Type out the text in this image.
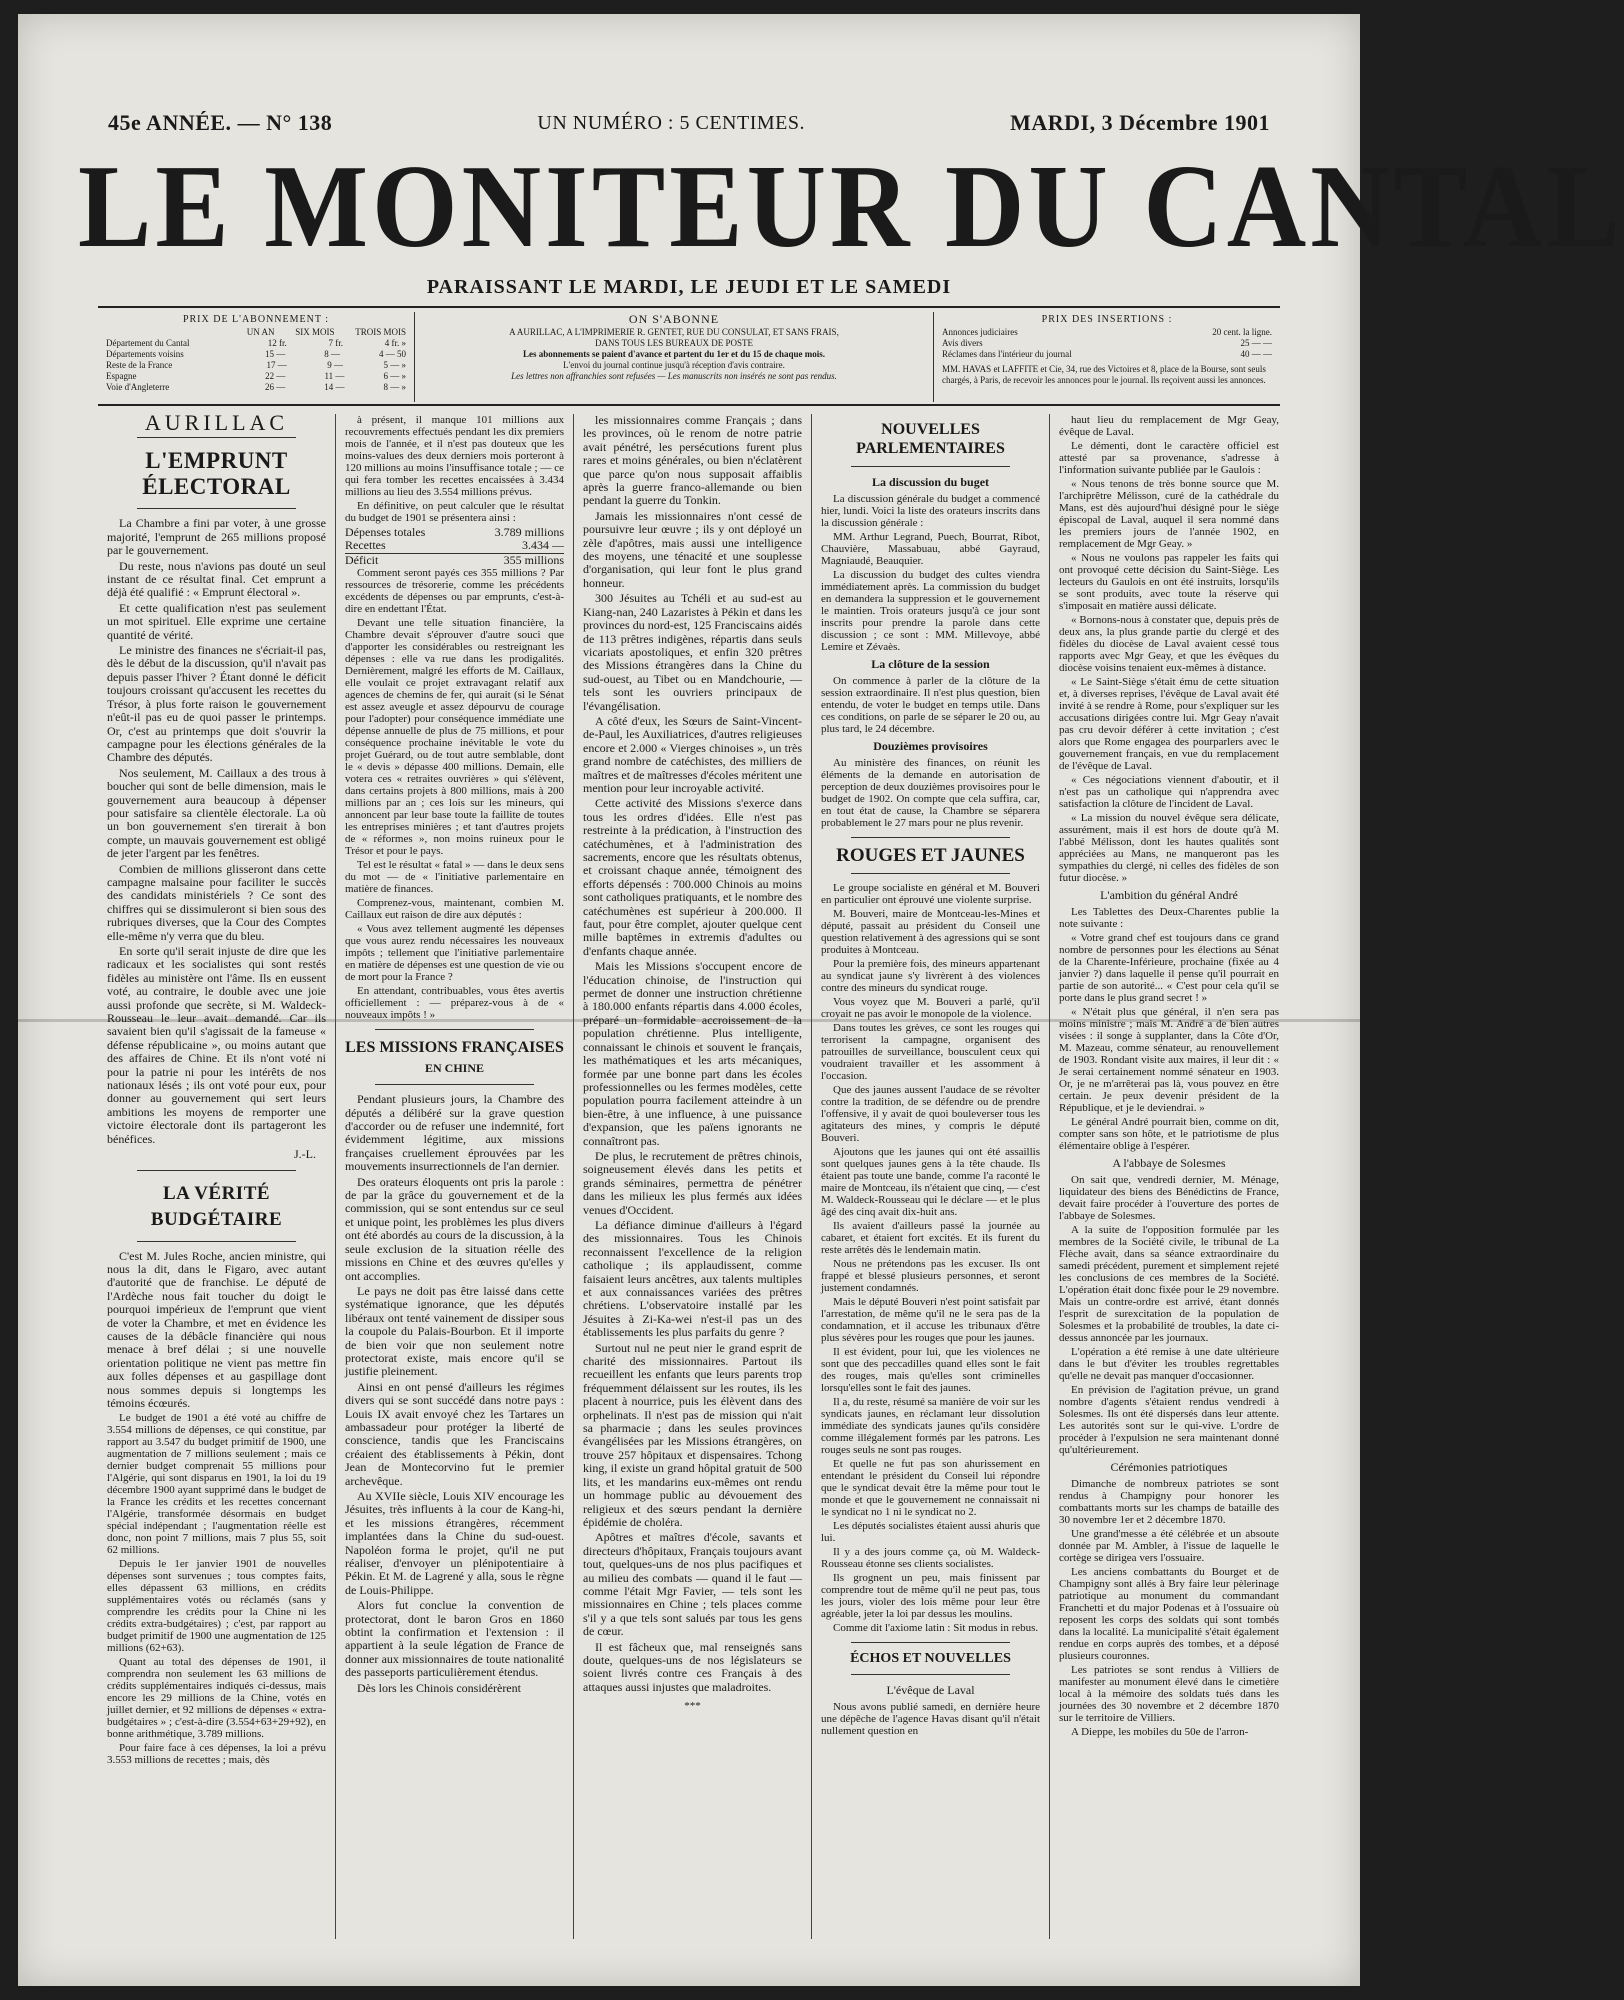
45e ANNÉE. — N° 138	UN NUMÉRO : 5 CENTIMES.	MARDI, 3 Décembre 1901
LE MONITEUR DU CANTAL
PARAISSANT LE MARDI, LE JEUDI ET LE SAMEDI
PRIX DE L'ABONNEMENT :
UN AN SIX MOIS TROIS MOIS
Département du Cantal	12 fr.	7 fr.	4 fr. »
Départements voisins	15 —	8 —	4 — 50
Reste de la France	17 —	9 —	5 — »
Espagne	22 —	11 —	6 — »
Voie d'Angleterre	26 —	14 —	8 — »
ON S'ABONNE
A AURILLAC, A L'IMPRIMERIE R. GENTET, RUE DU CONSULAT, ET SANS FRAIS,
DANS TOUS LES BUREAUX DE POSTE
Les abonnements se paient d'avance et partent du 1er et du 15 de chaque mois.
L'envoi du journal continue jusqu'à réception d'avis contraire.
Les lettres non affranchies sont refusées — Les manuscrits non insérés ne sont pas rendus.
PRIX DES INSERTIONS :
Annonces judiciaires	20 cent. la ligne.
Avis divers	25 — —
Réclames dans l'intérieur du journal	40 — —
MM. HAVAS et LAFFITE et Cie, 34, rue des Victoires et 8, place de la Bourse, sont seuls chargés, à Paris, de recevoir les annonces pour le journal. Ils reçoivent aussi les annonces.
AURILLAC
L'EMPRUNT ÉLECTORAL

La Chambre a fini par voter, à une grosse majorité, l'emprunt de 265 millions proposé par le gouvernement.

Du reste, nous n'avions pas douté un seul instant de ce résultat final. Cet emprunt a déjà été qualifié : « Emprunt électoral ».

Et cette qualification n'est pas seulement un mot spirituel. Elle exprime une certaine quantité de vérité.

Le ministre des finances ne s'écriait-il pas, dès le début de la discussion, qu'il n'avait pas depuis passer l'hiver ? Étant donné le déficit toujours croissant qu'accusent les recettes du Trésor, à plus forte raison le gouvernement n'eût-il pas eu de quoi passer le printemps. Or, c'est au printemps que doit s'ouvrir la campagne pour les élections générales de la Chambre des députés.

Nos seulement, M. Caillaux a des trous à boucher qui sont de belle dimension, mais le gouvernement aura beaucoup à dépenser pour satisfaire sa clientèle électorale. La où un bon gouvernement s'en tirerait à bon compte, un mauvais gouvernement est obligé de jeter l'argent par les fenêtres.

Combien de millions glisseront dans cette campagne malsaine pour faciliter le succès des candidats ministériels ? Ce sont des chiffres qui se dissimuleront si bien sous des rubriques diverses, que la Cour des Comptes elle-même n'y verra que du bleu.

En sorte qu'il serait injuste de dire que les radicaux et les socialistes qui sont restés fidèles au ministère ont l'âme. Ils en eussent voté, au contraire, le double avec une joie aussi profonde que secrète, si M. Waldeck-Rousseau le leur avait demandé. Car ils savaient bien qu'il s'agissait de la fameuse « défense républicaine », ou moins autant que des affaires de Chine. Et ils n'ont voté ni pour la patrie ni pour les intérêts de nos nationaux lésés ; ils ont voté pour eux, pour donner au gouvernement qui sert leurs ambitions les moyens de remporter une victoire électorale dont ils partageront les bénéfices.

J.-L.
LA VÉRITÉ BUDGÉTAIRE

C'est M. Jules Roche, ancien ministre, qui nous la dit, dans le Figaro, avec autant d'autorité que de franchise. Le député de l'Ardèche nous fait toucher du doigt le pourquoi impérieux de l'emprunt que vient de voter la Chambre, et met en évidence les causes de la débâcle financière qui nous menace à bref délai ; si une nouvelle orientation politique ne vient pas mettre fin aux folles dépenses et au gaspillage dont nous sommes depuis si longtemps les témoins écœurés.

Le budget de 1901 a été voté au chiffre de 3.554 millions de dépenses, ce qui constitue, par rapport au 3.547 du budget primitif de 1900, une augmentation de 7 millions seulement ; mais ce dernier budget comprenait 55 millions pour l'Algérie, qui sont disparus en 1901, la loi du 19 décembre 1900 ayant supprimé dans le budget de la France les crédits et les recettes concernant l'Algérie, transformée désormais en budget spécial indépendant ; l'augmentation réelle est donc, non point 7 millions, mais 7 plus 55, soit 62 millions.

Depuis le 1er janvier 1901 de nouvelles dépenses sont survenues ; tous comptes faits, elles dépassent 63 millions, en crédits supplémentaires votés ou réclamés (sans y comprendre les crédits pour la Chine ni les crédits extra-budgétaires) ; c'est, par rapport au budget primitif de 1900 une augmentation de 125 millions (62+63).

Quant au total des dépenses de 1901, il comprendra non seulement les 63 millions de crédits supplémentaires indiqués ci-dessus, mais encore les 29 millions de la Chine, votés en juillet dernier, et 92 millions de dépenses « extra-budgétaires » ; c'est-à-dire (3.554+63+29+92), en bonne arithmétique, 3.789 millions.

Pour faire face à ces dépenses, la loi a prévu 3.553 millions de recettes ; mais, dès

à présent, il manque 101 millions aux recouvrements effectués pendant les dix premiers mois de l'année, et il n'est pas douteux que les moins-values des deux derniers mois porteront à 120 millions au moins l'insuffisance totale ; — ce qui fera tomber les recettes encaissées à 3.434 millions au lieu des 3.554 millions prévus.

En définitive, on peut calculer que le résultat du budget de 1901 se présentera ainsi :

Dépenses totales	3.789 millions
Recettes	3.434 —
Déficit	355 millions

Comment seront payés ces 355 millions ? Par ressources de trésorerie, comme les précédents excédents de dépenses ou par emprunts, c'est-à-dire en endettant l'État.

Devant une telle situation financière, la Chambre devait s'éprouver d'autre souci que d'apporter les considérables ou restreignant les dépenses : elle va rue dans les prodigalités. Dernièrement, malgré les efforts de M. Caillaux, elle voulait ce projet extravagant relatif aux agences de chemins de fer, qui aurait (si le Sénat est assez aveugle et assez dépourvu de courage pour l'adopter) pour conséquence immédiate une dépense annuelle de plus de 75 millions, et pour conséquence prochaine inévitable le vote du projet Guérard, ou de tout autre semblable, dont le « devis » dépasse 400 millions. Demain, elle votera ces « retraites ouvrières » qui s'élèvent, dans certains projets à 800 millions, mais à 200 millions par an ; ces lois sur les mineurs, qui annoncent par leur base toute la faillite de toutes les entreprises minières ; et tant d'autres projets de « réformes », non moins ruineux pour le Trésor et pour le pays.

Tel est le résultat « fatal » — dans le deux sens du mot — de « l'initiative parlementaire en matière de finances.

Comprenez-vous, maintenant, combien M. Caillaux eut raison de dire aux députés :

« Vous avez tellement augmenté les dépenses que vous aurez rendu nécessaires les nouveaux impôts ; tellement que l'initiative parlementaire en matière de dépenses est une question de vie ou de mort pour la France ?

En attendant, contribuables, vous êtes avertis officiellement : — préparez-vous à de « nouveaux impôts ! »

LES MISSIONS FRANÇAISES
EN CHINE

Pendant plusieurs jours, la Chambre des députés a délibéré sur la grave question d'accorder ou de refuser une indemnité, fort évidemment légitime, aux missions françaises cruellement éprouvées par les mouvements insurrectionnels de l'an dernier.

Des orateurs éloquents ont pris la parole : de par la grâce du gouvernement et de la commission, qui se sont entendus sur ce seul et unique point, les problèmes les plus divers ont été abordés au cours de la discussion, à la seule exclusion de la situation réelle des missions en Chine et des œuvres qu'elles y ont accomplies.

Le pays ne doit pas être laissé dans cette systématique ignorance, que les députés libéraux ont tenté vainement de dissiper sous la coupole du Palais-Bourbon. Et il importe de bien voir que non seulement notre protectorat existe, mais encore qu'il se justifie pleinement.

Ainsi en ont pensé d'ailleurs les régimes divers qui se sont succédé dans notre pays : Louis IX avait envoyé chez les Tartares un ambassadeur pour protéger la liberté de conscience, tandis que les Franciscains créaient des établissements à Pékin, dont Jean de Montecorvino fut le premier archevêque.

Au XVIIe siècle, Louis XIV encourage les Jésuites, très influents à la cour de Kang-hi, et les missions étrangères, récemment implantées dans la Chine du sud-ouest. Napoléon forma le projet, qu'il ne put réaliser, d'envoyer un plénipotentiaire à Pékin. Et M. de Lagrené y alla, sous le règne de Louis-Philippe.

Alors fut conclue la convention de protectorat, dont le baron Gros en 1860 obtint la confirmation et l'extension : il appartient à la seule légation de France de donner aux missionnaires de toute nationalité des passeports particulièrement étendus.

Dès lors les Chinois considérèrent

les missionnaires comme Français ; dans les provinces, où le renom de notre patrie avait pénétré, les persécutions furent plus rares et moins générales, ou bien n'éclatèrent que parce qu'on nous supposait affaiblis après la guerre franco-allemande ou bien pendant la guerre du Tonkin.

Jamais les missionnaires n'ont cessé de poursuivre leur œuvre ; ils y ont déployé un zèle d'apôtres, mais aussi une intelligence des moyens, une ténacité et une souplesse d'organisation, qui leur font le plus grand honneur.

300 Jésuites au Tchéli et au sud-est au Kiang-nan, 240 Lazaristes à Pékin et dans les provinces du nord-est, 125 Franciscains aidés de 113 prêtres indigènes, répartis dans seuls vicariats apostoliques, et enfin 320 prêtres des Missions étrangères dans la Chine du sud-ouest, au Tibet ou en Mandchourie, — tels sont les ouvriers principaux de l'évangélisation.

A côté d'eux, les Sœurs de Saint-Vincent-de-Paul, les Auxiliatrices, d'autres religieuses encore et 2.000 « Vierges chinoises », un très grand nombre de catéchistes, des milliers de maîtres et de maîtresses d'écoles méritent une mention pour leur incroyable activité.

Cette activité des Missions s'exerce dans tous les ordres d'idées. Elle n'est pas restreinte à la prédication, à l'instruction des catéchumènes, et à l'administration des sacrements, encore que les résultats obtenus, et croissant chaque année, témoignent des efforts dépensés : 700.000 Chinois au moins sont catholiques pratiquants, et le nombre des catéchumènes est supérieur à 200.000. Il faut, pour être complet, ajouter quelque cent mille baptêmes in extremis d'adultes ou d'enfants chaque année.

Mais les Missions s'occupent encore de l'éducation chinoise, de l'instruction qui permet de donner une instruction chrétienne à 180.000 enfants répartis dans 4.000 écoles, préparé un formidable accroissement de la population chrétienne. Plus intelligente, connaissant le chinois et souvent le français, les mathématiques et les arts mécaniques, formée par une bonne part dans les écoles professionnelles ou les fermes modèles, cette population pourra facilement atteindre à un bien-être, à une influence, à une puissance d'expansion, que les païens ignorants ne connaîtront pas.

De plus, le recrutement de prêtres chinois, soigneusement élevés dans les petits et grands séminaires, permettra de pénétrer dans les milieux les plus fermés aux idées venues d'Occident.

La défiance diminue d'ailleurs à l'égard des missionnaires. Tous les Chinois reconnaissent l'excellence de la religion catholique ; ils applaudissent, comme faisaient leurs ancêtres, aux talents multiples et aux connaissances variées des prêtres chrétiens. L'observatoire installé par les Jésuites à Zi-Ka-wei n'est-il pas un des établissements les plus parfaits du genre ?

Surtout nul ne peut nier le grand esprit de charité des missionnaires. Partout ils recueillent les enfants que leurs parents trop fréquemment délaissent sur les routes, ils les placent à nourrice, puis les élèvent dans des orphelinats. Il n'est pas de mission qui n'ait sa pharmacie ; dans les seules provinces évangélisées par les Missions étrangères, on trouve 257 hôpitaux et dispensaires. Tchong king, il existe un grand hôpital gratuit de 500 lits, et les mandarins eux-mêmes ont rendu un hommage public au dévouement des religieux et des sœurs pendant la dernière épidémie de choléra.

Apôtres et maîtres d'école, savants et directeurs d'hôpitaux, Français toujours avant tout, quelques-uns de nos plus pacifiques et au milieu des combats — quand il le faut — comme l'était Mgr Favier, — tels sont les missionnaires en Chine ; tels places comme s'il y a que tels sont salués par tous les gens de cœur.

Il est fâcheux que, mal renseignés sans doute, quelques-uns de nos législateurs se soient livrés contre ces Français à des attaques aussi injustes que maladroites.

***
NOUVELLES PARLEMENTAIRES
La discussion du buget

La discussion générale du budget a commencé hier, lundi. Voici la liste des orateurs inscrits dans la discussion générale :

MM. Arthur Legrand, Puech, Bourrat, Ribot, Chauvière, Massabuau, abbé Gayraud, Magniaudé, Beauquier.

La discussion du budget des cultes viendra immédiatement après. La commission du budget en demandera la suppression et le gouvernement le maintien. Trois orateurs jusqu'à ce jour sont inscrits pour prendre la parole dans cette discussion ; ce sont : MM. Millevoye, abbé Lemire et Zévaès.

La clôture de la session

On commence à parler de la clôture de la session extraordinaire. Il n'est plus question, bien entendu, de voter le budget en temps utile. Dans ces conditions, on parle de se séparer le 20 ou, au plus tard, le 24 décembre.

Douzièmes provisoires

Au ministère des finances, on réunit les éléments de la demande en autorisation de perception de deux douzièmes provisoires pour le budget de 1902. On compte que cela suffira, car, en tout état de cause, la Chambre se séparera probablement le 27 mars pour ne plus revenir.

ROUGES ET JAUNES

Le groupe socialiste en général et M. Bouveri en particulier ont éprouvé une violente surprise.

M. Bouveri, maire de Montceau-les-Mines et député, passait au président du Conseil une question relativement à des agressions qui se sont produites à Montceau.

Pour la première fois, des mineurs appartenant au syndicat jaune s'y livrèrent à des violences contre des mineurs du syndicat rouge.

Vous voyez que M. Bouveri a parlé, qu'il croyait ne pas avoir le monopole de la violence.

Dans toutes les grèves, ce sont les rouges qui terrorisent la campagne, organisent des patrouilles de surveillance, bousculent ceux qui voudraient travailler et les assomment à l'occasion.

Que des jaunes aussent l'audace de se révolter contre la tradition, de se défendre ou de prendre l'offensive, il y avait de quoi bouleverser tous les agitateurs des mines, y compris le député Bouveri.

Ajoutons que les jaunes qui ont été assaillis sont quelques jaunes gens à la tête chaude. Ils étaient pas toute une bande, comme l'a raconté le maire de Montceau, ils n'étaient que cinq, — c'est M. Waldeck-Rousseau qui le déclare — et le plus âgé des cinq avait dix-huit ans.

Ils avaient d'ailleurs passé la journée au cabaret, et étaient fort excités. Et ils furent du reste arrêtés dès le lendemain matin.

Nous ne prétendons pas les excuser. Ils ont frappé et blessé plusieurs personnes, et seront justement condamnés.

Mais le député Bouveri n'est point satisfait par l'arrestation, de même qu'il ne le sera pas de la condamnation, et il accuse les tribunaux d'être plus sévères pour les rouges que pour les jaunes.

Il est évident, pour lui, que les violences ne sont que des peccadilles quand elles sont le fait des rouges, mais qu'elles sont criminelles lorsqu'elles sont le fait des jaunes.

Il a, du reste, résumé sa manière de voir sur les syndicats jaunes, en réclamant leur dissolution immédiate des syndicats jaunes qu'ils considère comme illégalement formés par les patrons. Les rouges seuls ne sont pas rouges.

Et quelle ne fut pas son ahurissement en entendant le président du Conseil lui répondre que le syndicat devait être la même pour tout le monde et que le gouvernement ne connaissait ni le syndicat no 1 ni le syndicat no 2.

Les députés socialistes étaient aussi ahuris que lui.

Il y a des jours comme ça, où M. Waldeck-Rousseau étonne ses clients socialistes.

Ils grognent un peu, mais finissent par comprendre tout de même qu'il ne peut pas, tous les jours, violer des lois même pour leur être agréable, jeter la loi par dessus les moulins.

Comme dit l'axiome latin : Sit modus in rebus.

ÉCHOS ET NOUVELLES
L'évêque de Laval

Nous avons publié samedi, en dernière heure une dépêche de l'agence Havas disant qu'il n'était nullement question en

haut lieu du remplacement de Mgr Geay, évêque de Laval.

Le démenti, dont le caractère officiel est attesté par sa provenance, s'adresse à l'information suivante publiée par le Gaulois :

« Nous tenons de très bonne source que M. l'archiprêtre Mélisson, curé de la cathédrale du Mans, est dès aujourd'hui désigné pour le siège épiscopal de Laval, auquel il sera nommé dans les premiers jours de l'année 1902, en remplacement de Mgr Geay. »

« Nous ne voulons pas rappeler les faits qui ont provoqué cette décision du Saint-Siège. Les lecteurs du Gaulois en ont été instruits, lorsqu'ils se sont produits, avec toute la réserve qui s'imposait en matière aussi délicate.

« Bornons-nous à constater que, depuis près de deux ans, la plus grande partie du clergé et des fidèles du diocèse de Laval avaient cessé tous rapports avec Mgr Geay, et que les évêques du diocèse voisins tenaient eux-mêmes à distance.

« Le Saint-Siège s'était ému de cette situation et, à diverses reprises, l'évêque de Laval avait été invité à se rendre à Rome, pour s'expliquer sur les accusations dirigées contre lui. Mgr Geay n'avait pas cru devoir déférer à cette invitation ; c'est alors que Rome engagea des pourparlers avec le gouvernement français, en vue du remplacement de l'évêque de Laval.

« Ces négociations viennent d'aboutir, et il n'est pas un catholique qui n'apprendra avec satisfaction la clôture de l'incident de Laval.

« La mission du nouvel évêque sera délicate, assurément, mais il est hors de doute qu'à M. l'abbé Mélisson, dont les hautes qualités sont appréciées au Mans, ne manqueront pas les sympathies du clergé, ni celles des fidèles de son futur diocèse. »

L'ambition du général André

Les Tablettes des Deux-Charentes publie la note suivante :

« Votre grand chef est toujours dans ce grand nombre de personnes pour les élections au Sénat de la Charente-Inférieure, prochaine (fixée au 4 janvier ?) dans laquelle il pense qu'il pourrait en partie de son autorité... « C'est pour cela qu'il se porte dans le plus grand secret ! »

« N'était plus que général, il n'en sera pas moins ministre ; mais M. André a de bien autres visées : il songe à supplanter, dans la Côte d'Or, M. Mazeau, comme sénateur, au renouvellement de 1903. Rondant visite aux maires, il leur dit : « Je serai certainement nommé sénateur en 1903. Or, je ne m'arrêterai pas là, vous pouvez en être certain. Je peux devenir président de la République, et je le deviendrai. »

Le général André pourrait bien, comme on dit, compter sans son hôte, et le patriotisme de plus élémentaire oblige à l'espérer.

A l'abbaye de Solesmes

On sait que, vendredi dernier, M. Ménage, liquidateur des biens des Bénédictins de France, devait faire procéder à l'ouverture des portes de l'abbaye de Solesmes.

A la suite de l'opposition formulée par les membres de la Société civile, le tribunal de La Flèche avait, dans sa séance extraordinaire du samedi précédent, purement et simplement rejeté les conclusions de ces membres de la Société. L'opération était donc fixée pour le 29 novembre. Mais un contre-ordre est arrivé, étant donnés l'esprit de surexcitation de la population de Solesmes et la probabilité de troubles, la date ci-dessus annoncée par les journaux.

L'opération a été remise à une date ultérieure dans le but d'éviter les troubles regrettables qu'elle ne devait pas manquer d'occasionner.

En prévision de l'agitation prévue, un grand nombre d'agents s'étaient rendus vendredi à Solesmes. Ils ont été dispersés dans leur attente. Les autorités sont sur le qui-vive. L'ordre de procéder à l'expulsion ne sera maintenant donné qu'ultérieurement.

Cérémonies patriotiques

Dimanche de nombreux patriotes se sont rendus à Champigny pour honorer les combattants morts sur les champs de bataille des 30 novembre 1er et 2 décembre 1870.

Une grand'messe a été célébrée et un absoute donnée par M. Ambler, à l'issue de laquelle le cortège se dirigea vers l'ossuaire.

Les anciens combattants du Bourget et de Champigny sont allés à Bry faire leur pèlerinage patriotique au monument du commandant Franchetti et du major Podenas et à l'ossuaire où reposent les corps des soldats qui sont tombés dans la localité. La municipalité s'était également rendue en corps auprès des tombes, et a déposé plusieurs couronnes.

Les patriotes se sont rendus à Villiers de manifester au monument élevé dans le cimetière local à la mémoire des soldats tués dans les journées des 30 novembre et 2 décembre 1870 sur le territoire de Villiers.

A Dieppe, les mobiles du 50e de l'arron-
